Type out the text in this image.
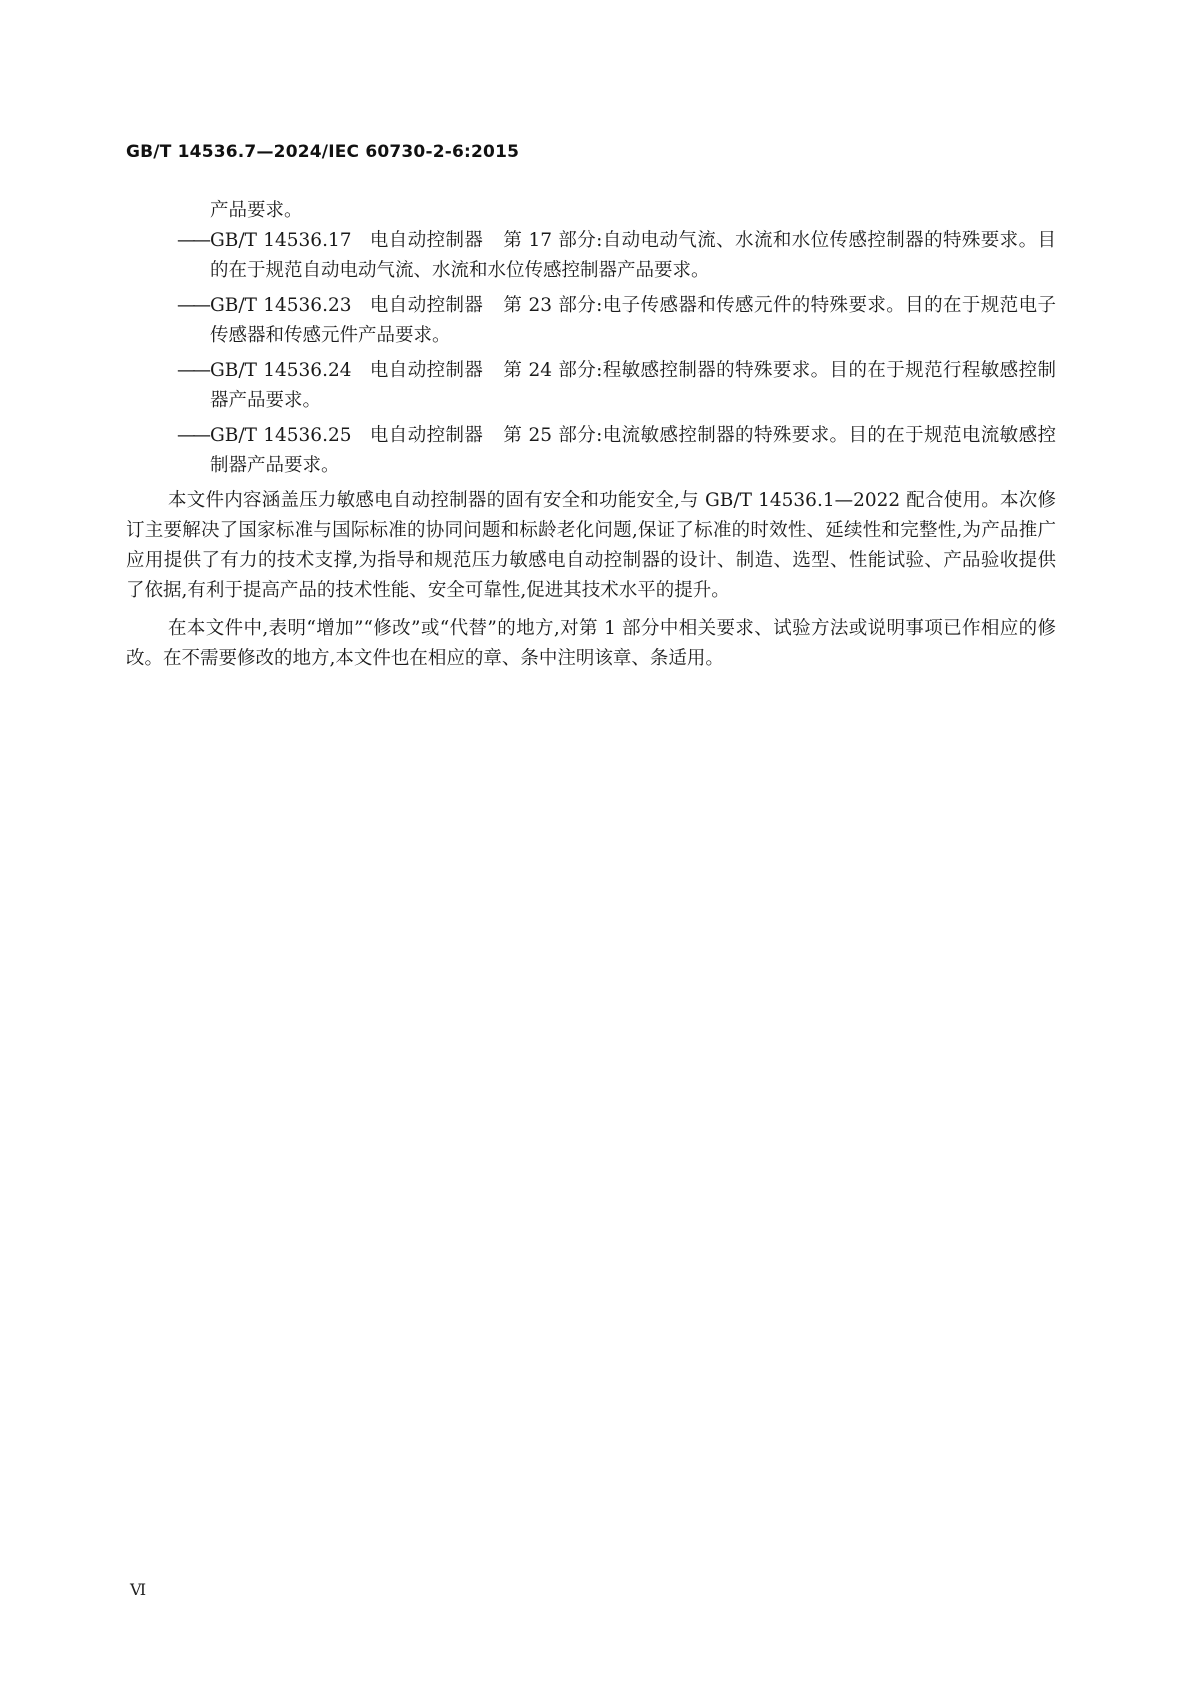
GB/T 14536.7—2024/IEC 60730-2-6:2015

产品要求。

—— GB/T 14536.17 电自动控制器 第 17 部分:自动电动气流、水流和水位传感控制器的特殊要求。目的在于规范自动电动气流、水流和水位传感控制器产品要求。
—— GB/T 14536.23 电自动控制器 第 23 部分:电子传感器和传感元件的特殊要求。目的在于规范电子传感器和传感元件产品要求。
—— GB/T 14536.24 电自动控制器 第 24 部分:程敏感控制器的特殊要求。目的在于规范行程敏感控制器产品要求。
—— GB/T 14536.25 电自动控制器 第 25 部分:电流敏感控制器的特殊要求。目的在于规范电流敏感控制器产品要求。

本文件内容涵盖压力敏感电自动控制器的固有安全和功能安全,与 GB/T 14536.1—2022 配合使用。本次修订主要解决了国家标准与国际标准的协同问题和标龄老化问题,保证了标准的时效性、延续性和完整性,为产品推广应用提供了有力的技术支撑,为指导和规范压力敏感电自动控制器的设计、制造、选型、性能试验、产品验收提供了依据,有利于提高产品的技术性能、安全可靠性,促进其技术水平的提升。

在本文件中,表明“增加”“修改”或“代替”的地方,对第 1 部分中相关要求、试验方法或说明事项已作相应的修改。在不需要修改的地方,本文件也在相应的章、条中注明该章、条适用。

Ⅵ
